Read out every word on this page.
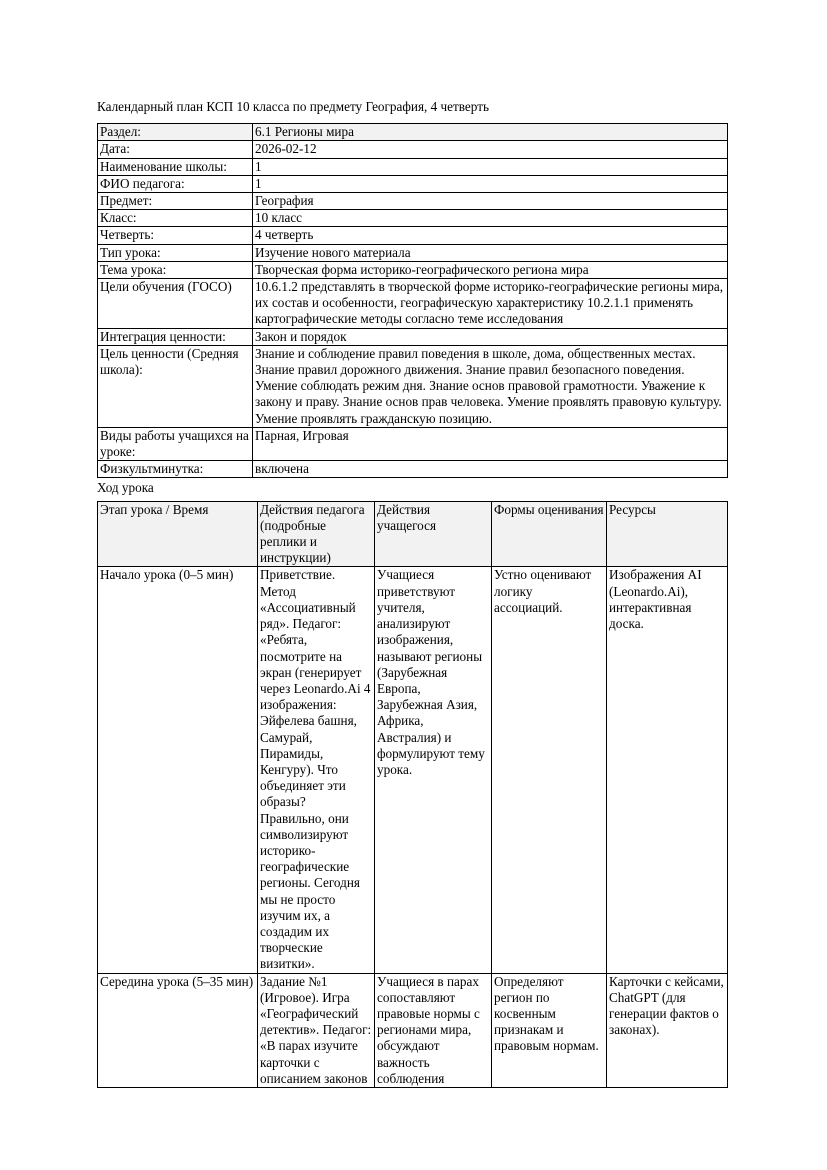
Календарный план КСП 10 класса по предмету География, 4 четверть

Раздел:	6.1 Регионы мира
Дата:	2026-02-12
Наименование школы:	1
ФИО педагога:	1
Предмет:	География
Класс:	10 класс
Четверть:	4 четверть
Тип урока:	Изучение нового материала
Тема урока:	Творческая форма историко-географического региона мира
Цели обучения (ГОСО)	10.6.1.2 представлять в творческой форме историко-географические регионы мира, их состав и особенности, географическую характеристику 10.2.1.1 применять картографические методы согласно теме исследования
Интеграция ценности:	Закон и порядок
Цель ценности (Средняя школа):	Знание и соблюдение правил поведения в школе, дома, общественных местах. Знание правил дорожного движения. Знание правил безопасного поведения. Умение соблюдать режим дня. Знание основ правовой грамотности. Уважение к закону и праву. Знание основ прав человека. Умение проявлять правовую культуру. Умение проявлять гражданскую позицию.
Виды работы учащихся на уроке:	Парная, Игровая
Физкультминутка:	включена

Ход урока

Этап урока / Время	Действия педагога (подробные реплики и инструкции)	Действия учащегося	Формы оценивания	Ресурсы
Начало урока (0–5 мин)	Приветствие. Метод «Ассоциативный ряд». Педагог: «Ребята, посмотрите на экран (генерирует через Leonardo.Ai 4 изображения: Эйфелева башня, Самурай, Пирамиды, Кенгуру). Что объединяет эти образы? Правильно, они символизируют историко-географические регионы. Сегодня мы не просто изучим их, а создадим их творческие визитки».	Учащиеся приветствуют учителя, анализируют изображения, называют регионы (Зарубежная Европа, Зарубежная Азия, Африка, Австралия) и формулируют тему урока.	Устно оценивают логику ассоциаций.	Изображения AI (Leonardo.Ai), интерактивная доска.
Середина урока (5–35 мин)	Задание №1 (Игровое). Игра «Географический детектив». Педагог: «В парах изучите карточки с описанием законов	Учащиеся в парах сопоставляют правовые нормы с регионами мира, обсуждают важность соблюдения	Определяют регион по косвенным признакам и правовым нормам.	Карточки с кейсами, ChatGPT (для генерации фактов о законах).
